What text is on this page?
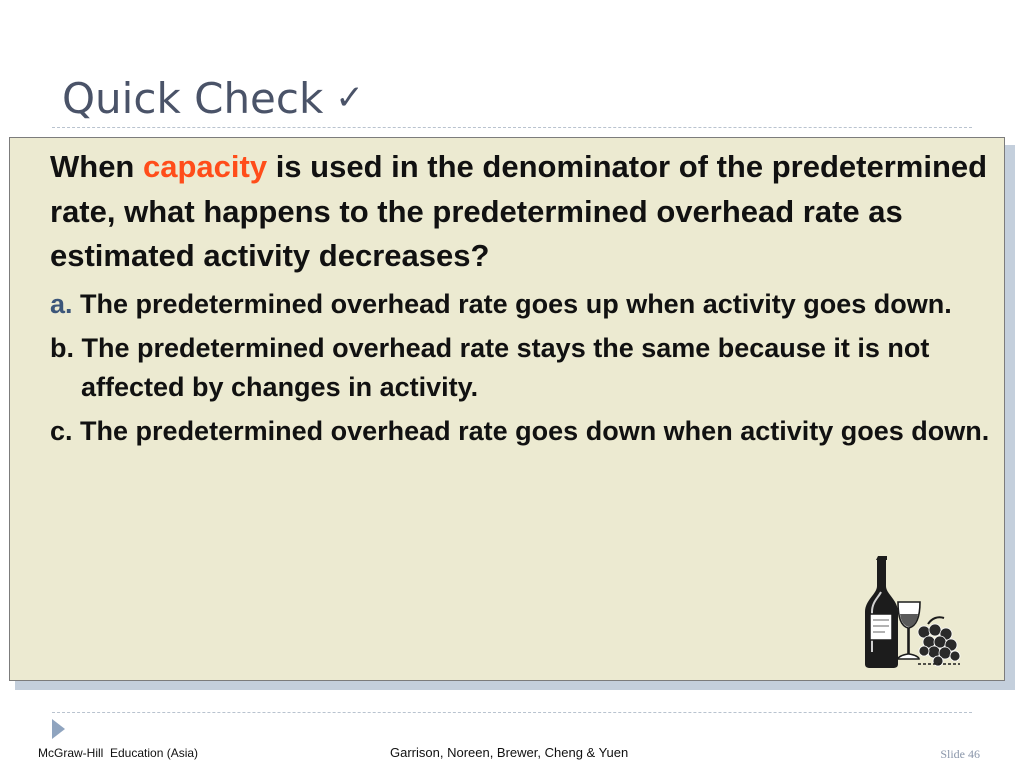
Quick Check ✓

When capacity is used in the denominator of the predetermined rate, what happens to the predetermined overhead rate as estimated activity decreases?

a. The predetermined overhead rate goes up when activity goes down.

b. The predetermined overhead rate stays the same because it is not affected by changes in activity.

c. The predetermined overhead rate goes down when activity goes down.

McGraw-Hill  Education (Asia)	Garrison, Noreen, Brewer, Cheng & Yuen	Slide 46
